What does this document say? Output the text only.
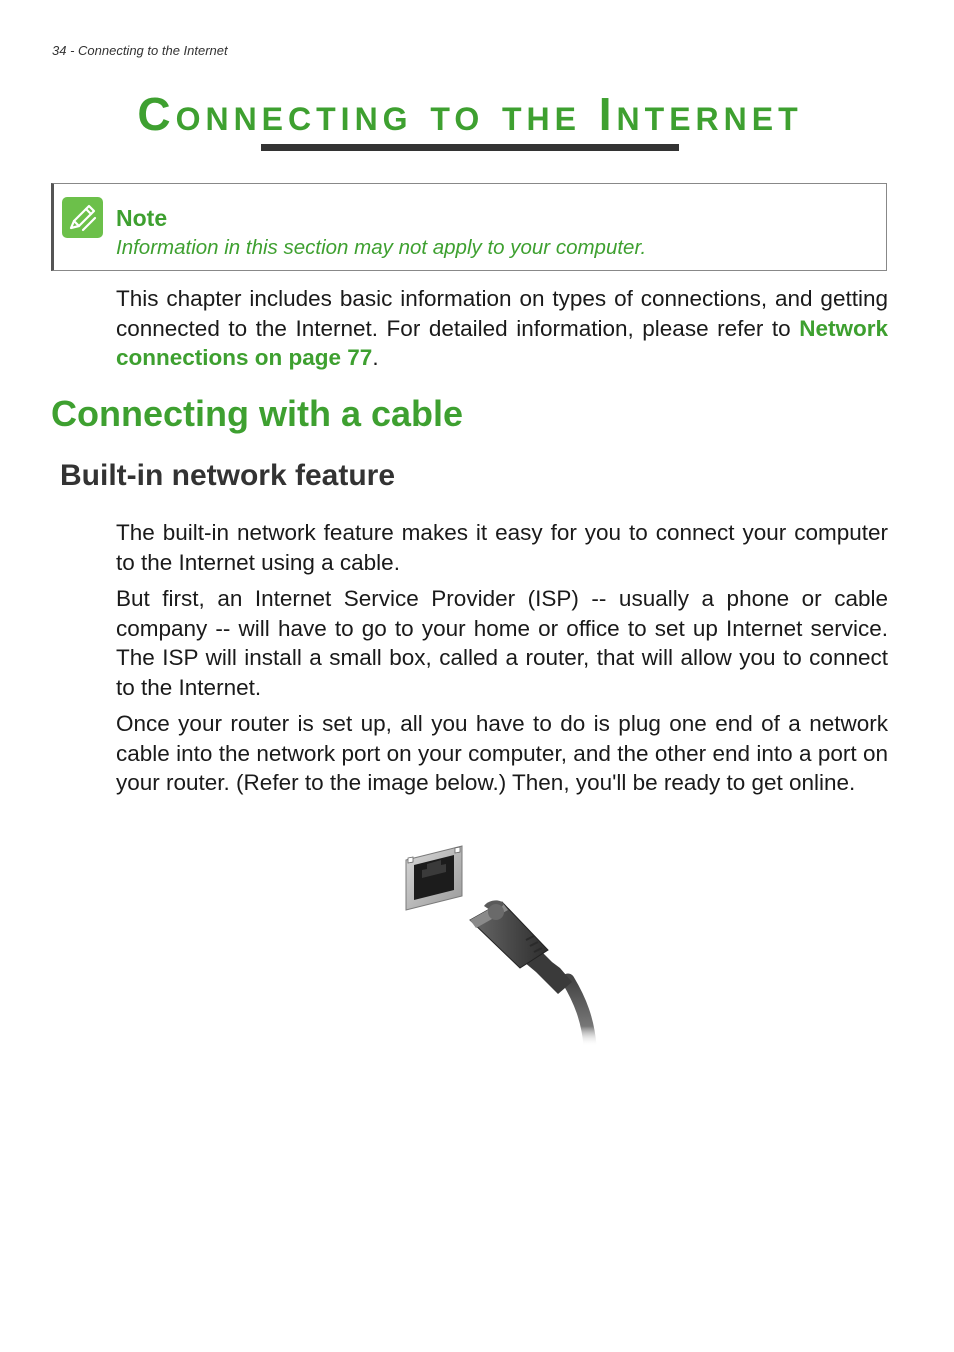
34 - Connecting to the Internet
Connecting to the Internet
Note
Information in this section may not apply to your computer.

This chapter includes basic information on types of connections, and getting connected to the Internet. For detailed information, please refer to Network connections on page 77.

Connecting with a cable
Built-in network feature

The built-in network feature makes it easy for you to connect your computer to the Internet using a cable.

But first, an Internet Service Provider (ISP) -- usually a phone or cable company -- will have to go to your home or office to set up Internet service. The ISP will install a small box, called a router, that will allow you to connect to the Internet.

Once your router is set up, all you have to do is plug one end of a network cable into the network port on your computer, and the other end into a port on your router. (Refer to the image below.) Then, you'll be ready to get online.
